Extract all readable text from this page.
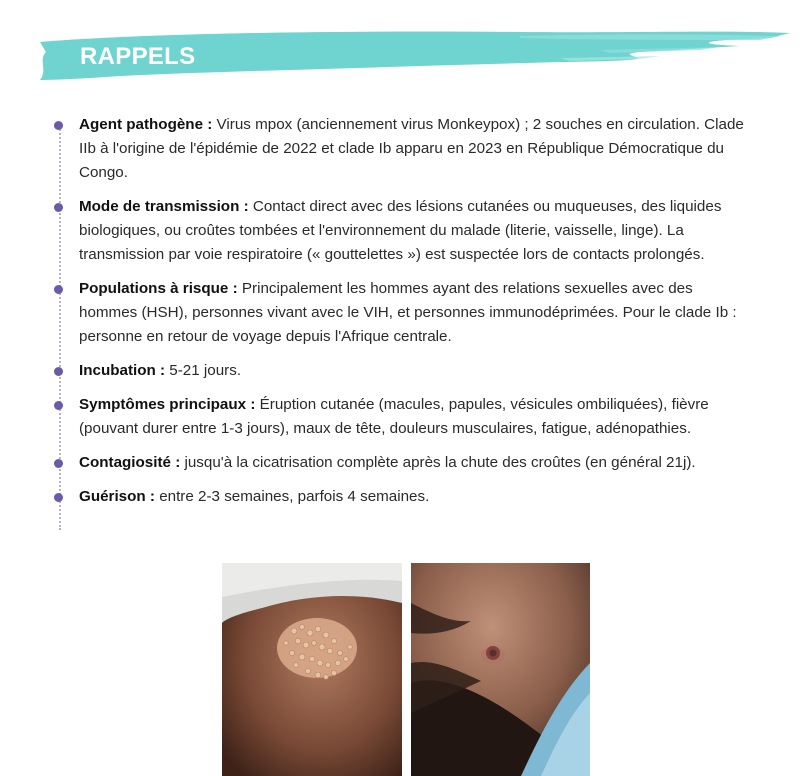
RAPPELS
Agent pathogène : Virus mpox (anciennement virus Monkeypox) ; 2 souches en circulation. Clade IIb à l'origine de l'épidémie de 2022 et clade Ib apparu en 2023 en République Démocratique du Congo.
Mode de transmission : Contact direct avec des lésions cutanées ou muqueuses, des liquides biologiques, ou croûtes tombées et l'environnement du malade (literie, vaisselle, linge). La transmission par voie respiratoire (« gouttelettes ») est suspectée lors de contacts prolongés.
Populations à risque : Principalement les hommes ayant des relations sexuelles avec des hommes (HSH), personnes vivant avec le VIH, et personnes immunodéprimées. Pour le clade Ib : personne en retour de voyage depuis l'Afrique centrale.
Incubation : 5-21 jours.
Symptômes principaux : Éruption cutanée (macules, papules, vésicules ombiliquées), fièvre (pouvant durer entre 1-3 jours), maux de tête, douleurs musculaires, fatigue, adénopathies.
Contagiosité : jusqu'à la cicatrisation complète après la chute des croûtes (en général 21j).
Guérison : entre 2-3 semaines, parfois 4 semaines.
